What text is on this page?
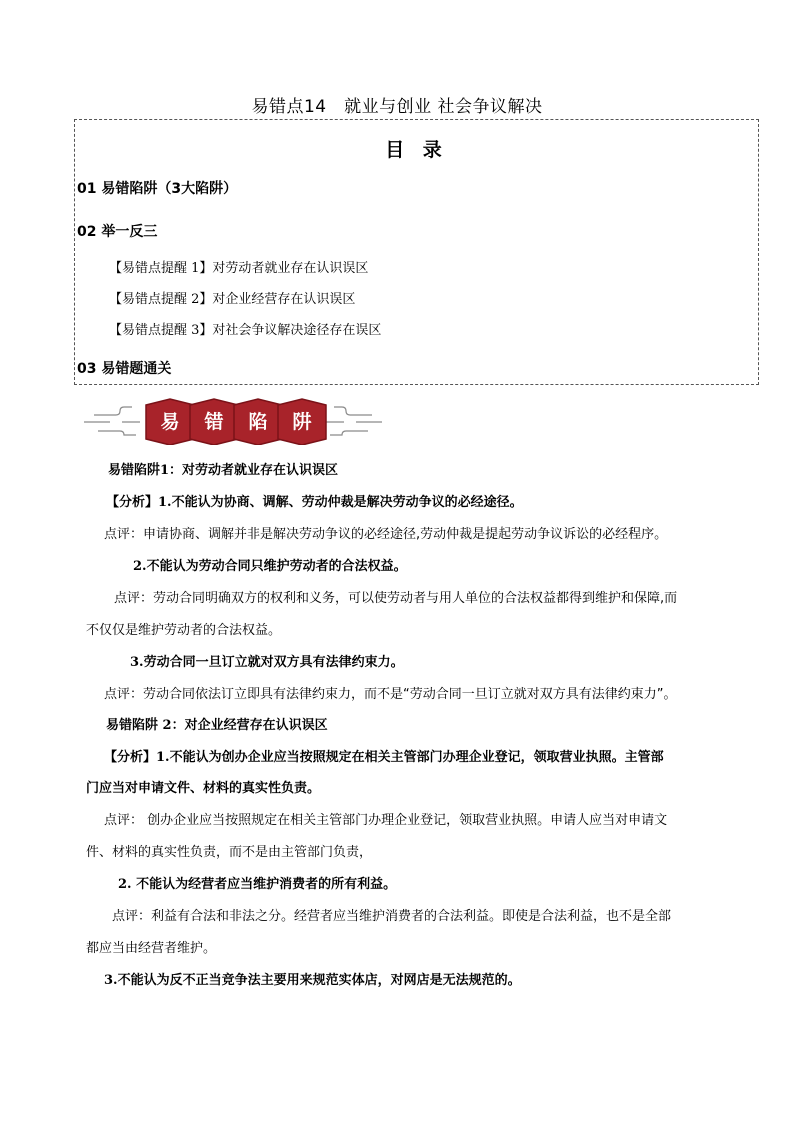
易错点14　就业与创业 社会争议解决
目 录
01 易错陷阱（3大陷阱）
02 举一反三
【易错点提醒 1】对劳动者就业存在认识误区
【易错点提醒 2】对企业经营存在认识误区
【易错点提醒 3】对社会争议解决途径存在误区
03 易错题通关
易 错 陷 阱
易错陷阱1：对劳动者就业存在认识误区
【分析】1.不能认为协商、调解、劳动仲裁是解决劳动争议的必经途径。
点评：申请协商、调解并非是解决劳动争议的必经途径,劳动仲裁是提起劳动争议诉讼的必经程序。
2.不能认为劳动合同只维护劳动者的合法权益。
点评：劳动合同明确双方的权利和义务，可以使劳动者与用人单位的合法权益都得到维护和保障,而
不仅仅是维护劳动者的合法权益。
3.劳动合同一旦订立就对双方具有法律约束力。
点评：劳动合同依法订立即具有法律约束力，而不是“劳动合同一旦订立就对双方具有法律约束力”。
易错陷阱 2：对企业经营存在认识误区
【分析】1.不能认为创办企业应当按照规定在相关主管部门办理企业登记，领取营业执照。主管部
门应当对申请文件、材料的真实性负责。
点评： 创办企业应当按照规定在相关主管部门办理企业登记，领取营业执照。申请人应当对申请文
件、材料的真实性负责，而不是由主管部门负责，
2. 不能认为经营者应当维护消费者的所有利益。
点评：利益有合法和非法之分。经营者应当维护消费者的合法利益。即使是合法利益，也不是全部
都应当由经营者维护。
3.不能认为反不正当竞争法主要用来规范实体店，对网店是无法规范的。
